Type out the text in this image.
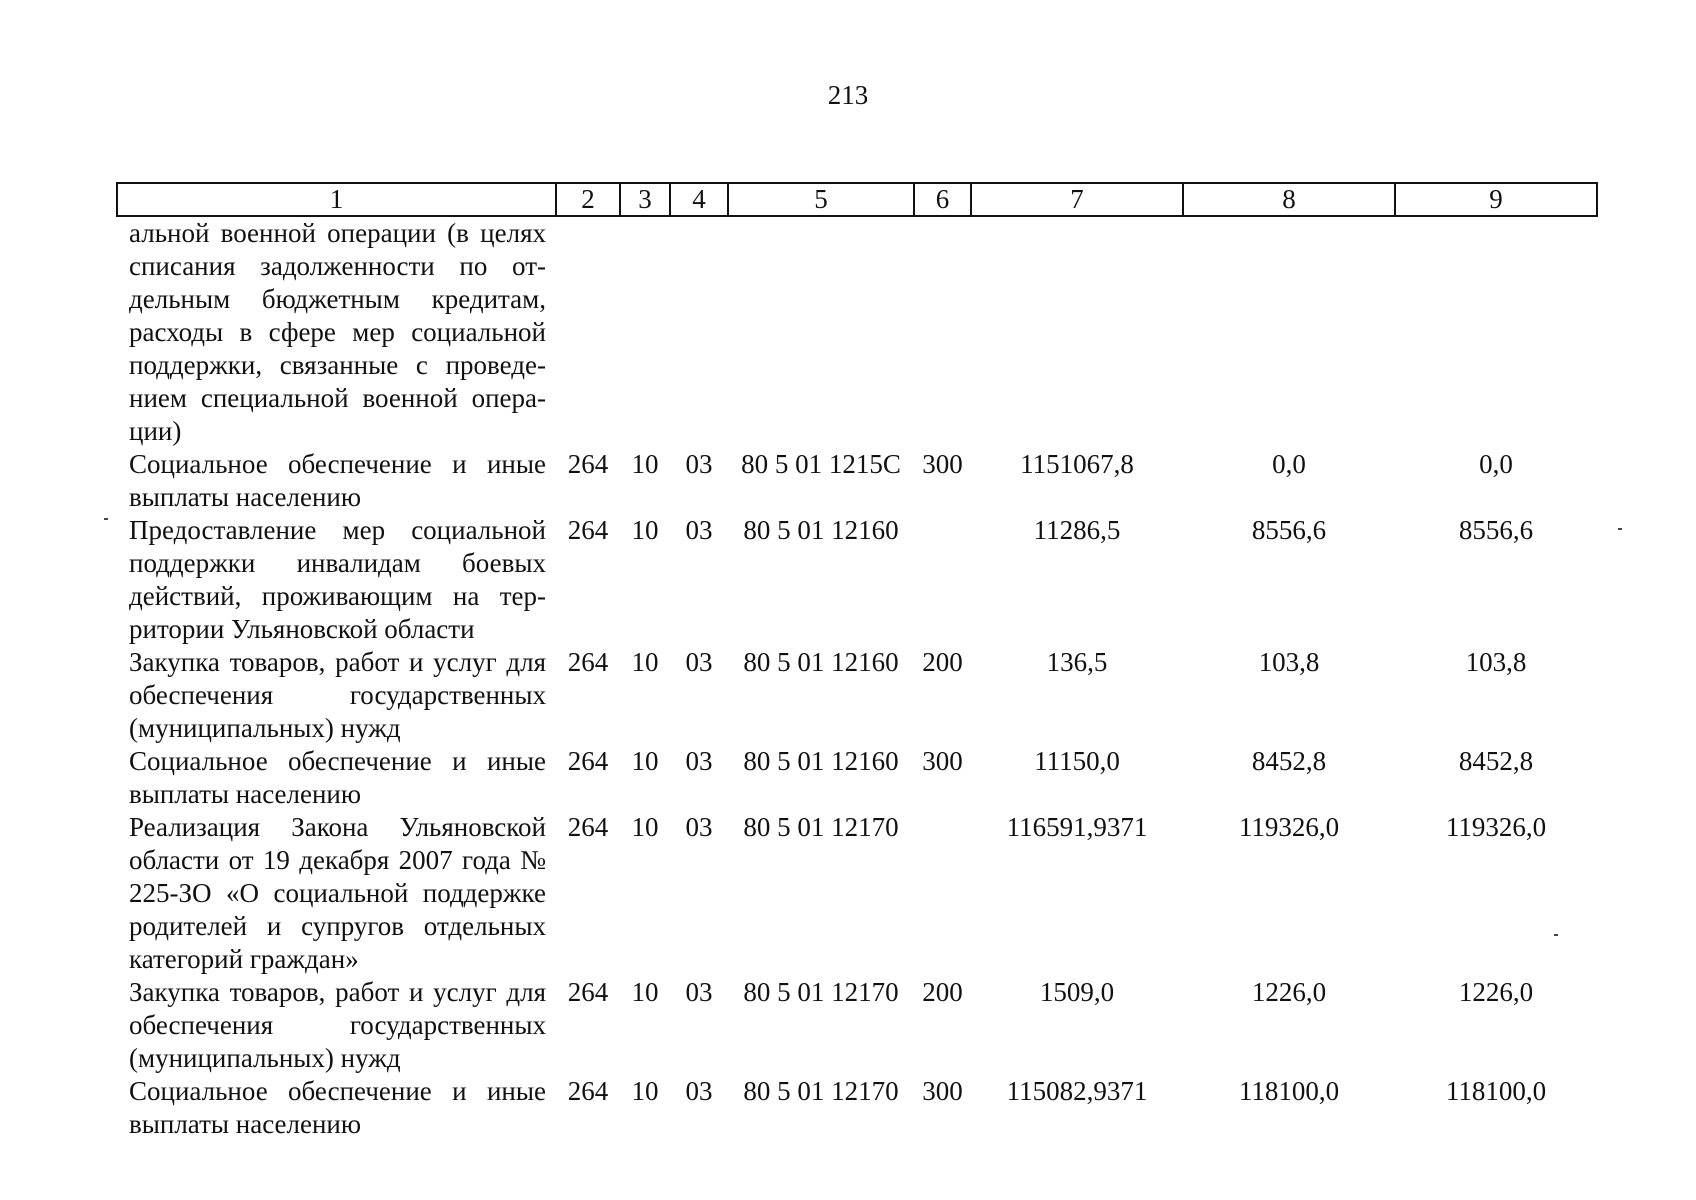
213
1	2	3	4	5	6	7	8	9
альной военной операции (в целях списания задолженности по отдельным бюджетным кредитам, расходы в сфере мер социальной поддержки, связанные с проведением специальной военной операции)								
Социальное обеспечение и иные выплаты населению	264	10	03	80 5 01 1215С	300	1151067,8	0,0	0,0
Предоставление мер социальной поддержки инвалидам боевых действий, проживающим на территории Ульяновской области	264	10	03	80 5 01 12160		11286,5	8556,6	8556,6
Закупка товаров, работ и услуг для обеспечения государственных (муниципальных) нужд	264	10	03	80 5 01 12160	200	136,5	103,8	103,8
Социальное обеспечение и иные выплаты населению	264	10	03	80 5 01 12160	300	11150,0	8452,8	8452,8
Реализация Закона Ульяновской области от 19 декабря 2007 года № 225-ЗО «О социальной поддержке родителей и супругов отдельных категорий граждан»	264	10	03	80 5 01 12170		116591,9371	119326,0	119326,0
Закупка товаров, работ и услуг для обеспечения государственных (муниципальных) нужд	264	10	03	80 5 01 12170	200	1509,0	1226,0	1226,0
Социальное обеспечение и иные выплаты населению	264	10	03	80 5 01 12170	300	115082,9371	118100,0	118100,0
